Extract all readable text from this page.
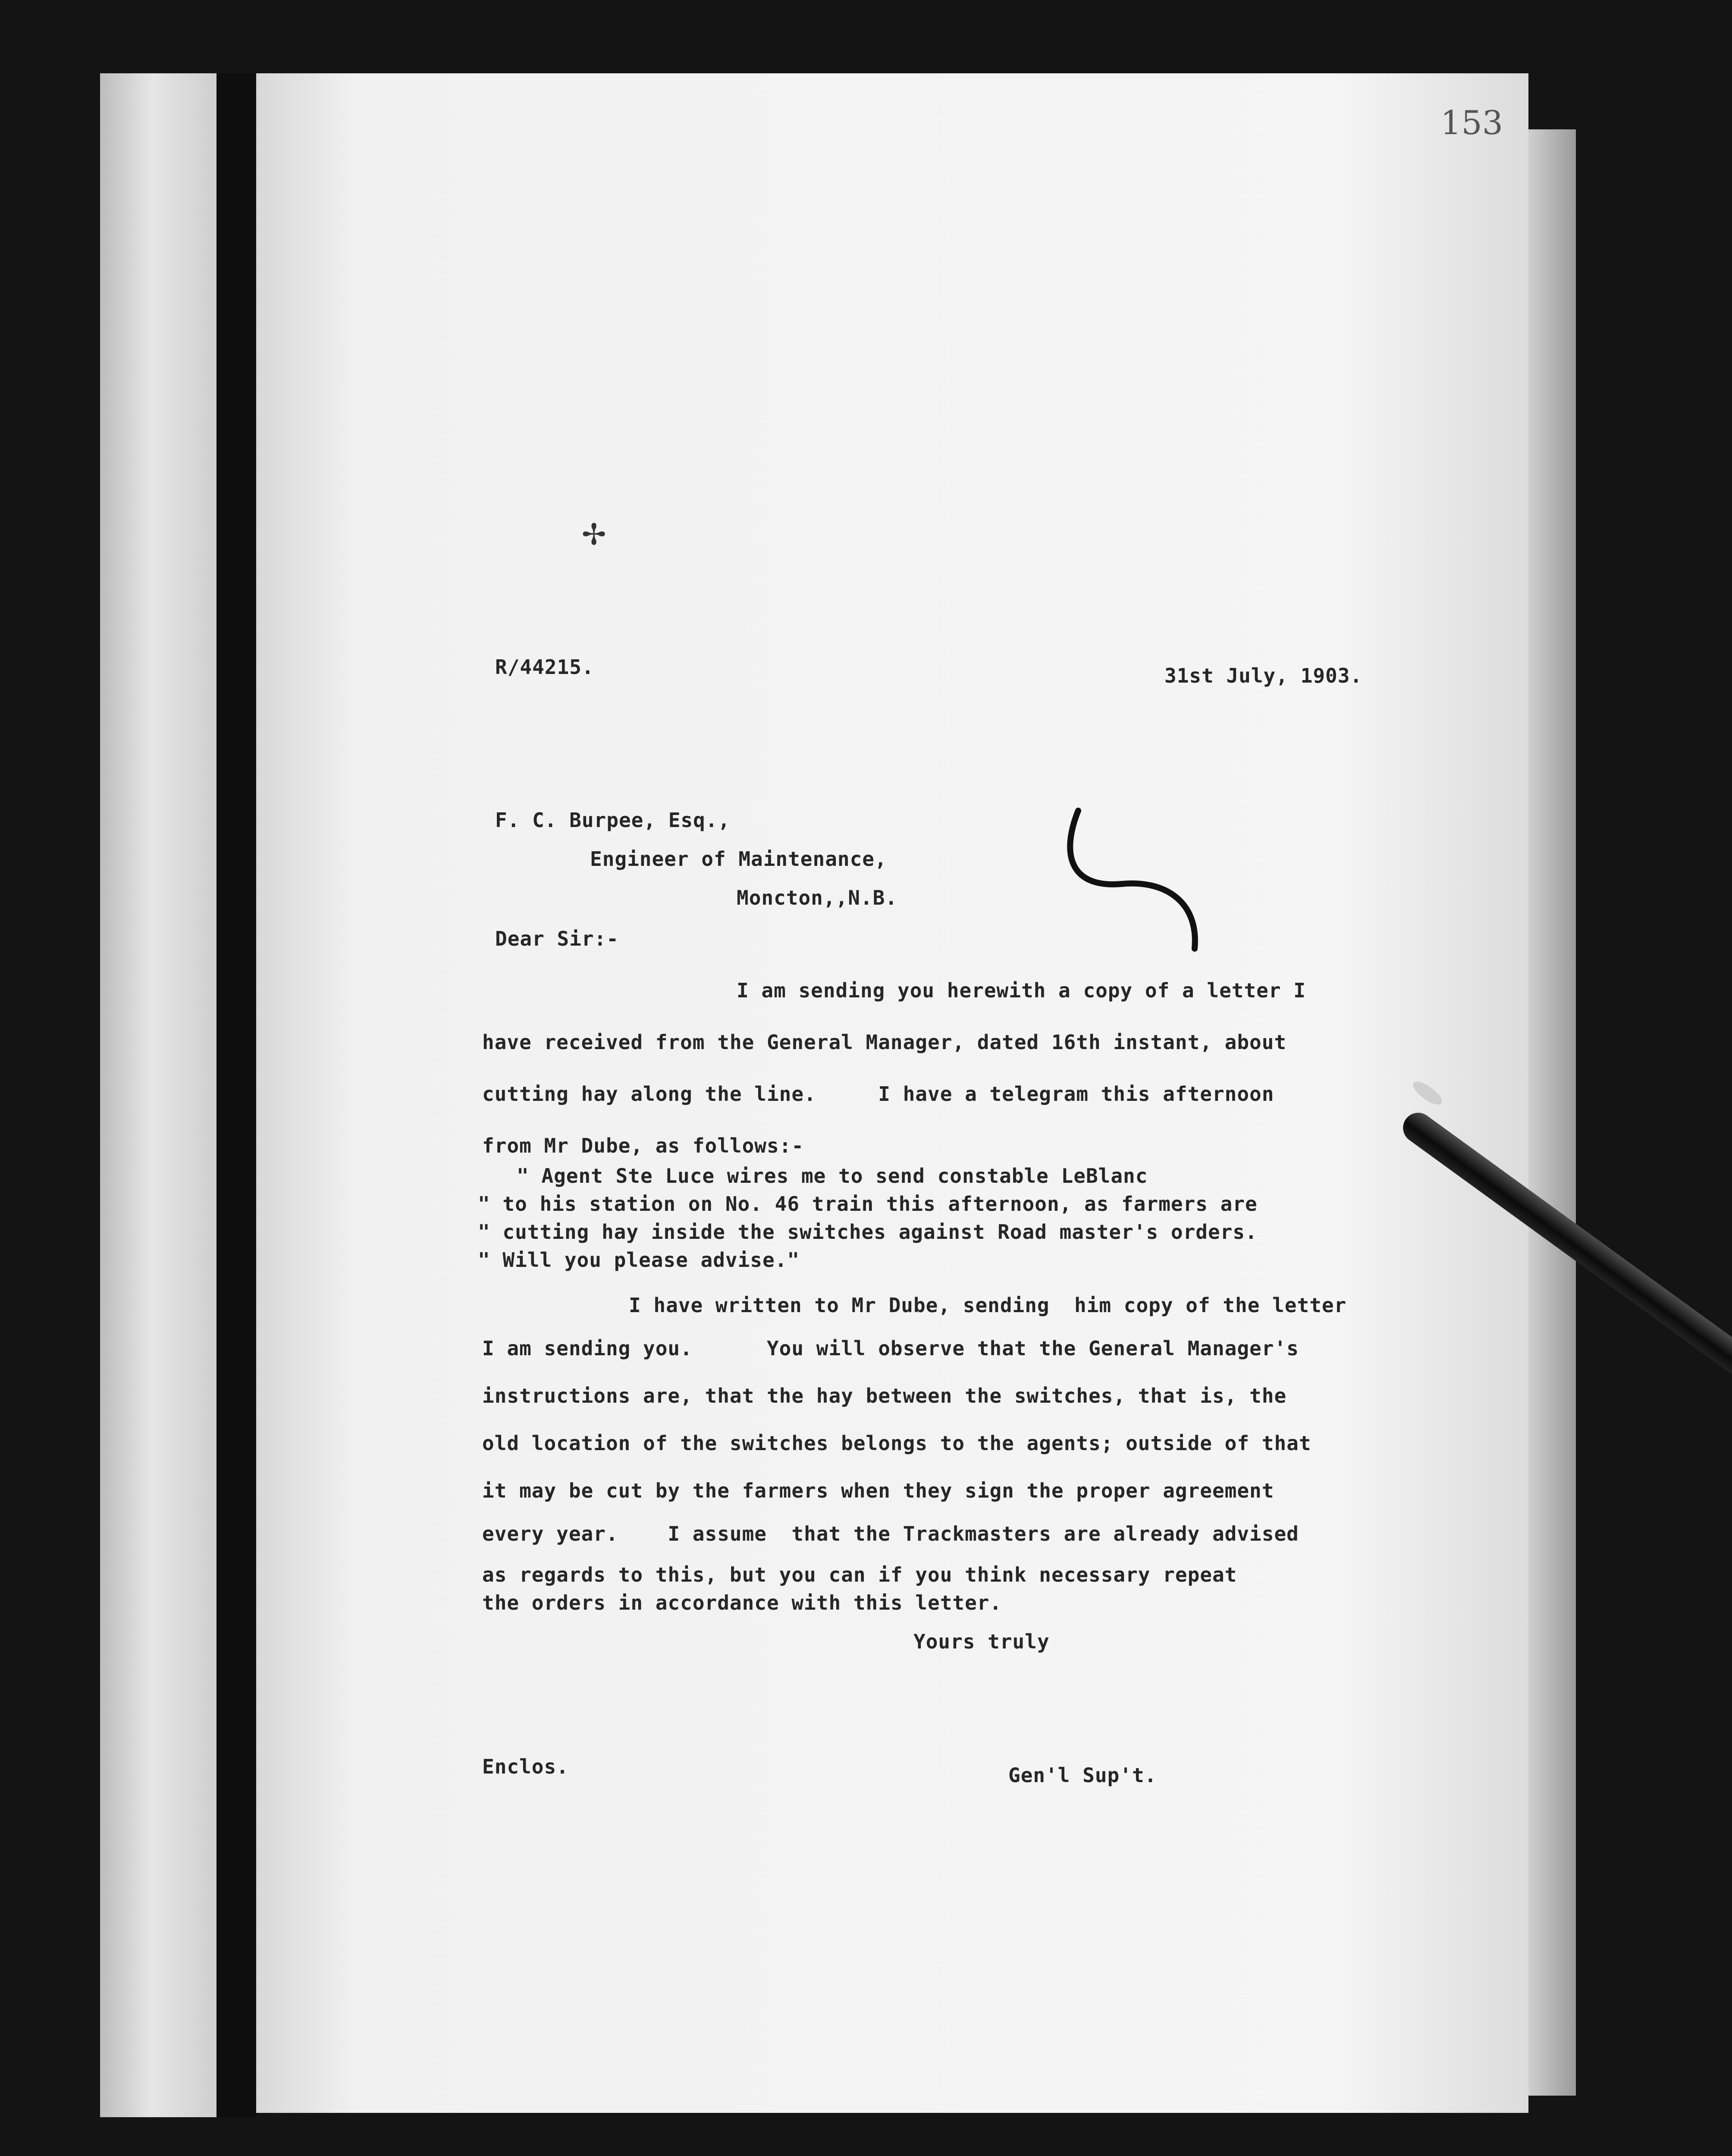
153
✢
R/44215.	31st July, 1903.
F. C. Burpee, Esq.,
Engineer of Maintenance,
Moncton,,N.B.
Dear Sir:-
I am sending you herewith a copy of a letter I
have received from the General Manager, dated 16th instant, about
cutting hay along the line.     I have a telegram this afternoon
from Mr Dube, as follows:-
" Agent Ste Luce wires me to send constable LeBlanc
" to his station on No. 46 train this afternoon, as farmers are
" cutting hay inside the switches against Road master's orders.
" Will you please advise."
I have written to Mr Dube, sending  him copy of the letter
I am sending you.      You will observe that the General Manager's
instructions are, that the hay between the switches, that is, the
old location of the switches belongs to the agents; outside of that
it may be cut by the farmers when they sign the proper agreement
every year.    I assume  that the Trackmasters are already advised
as regards to this, but you can if you think necessary repeat
the orders in accordance with this letter.
Yours truly
Enclos.	Gen'l Sup't.
